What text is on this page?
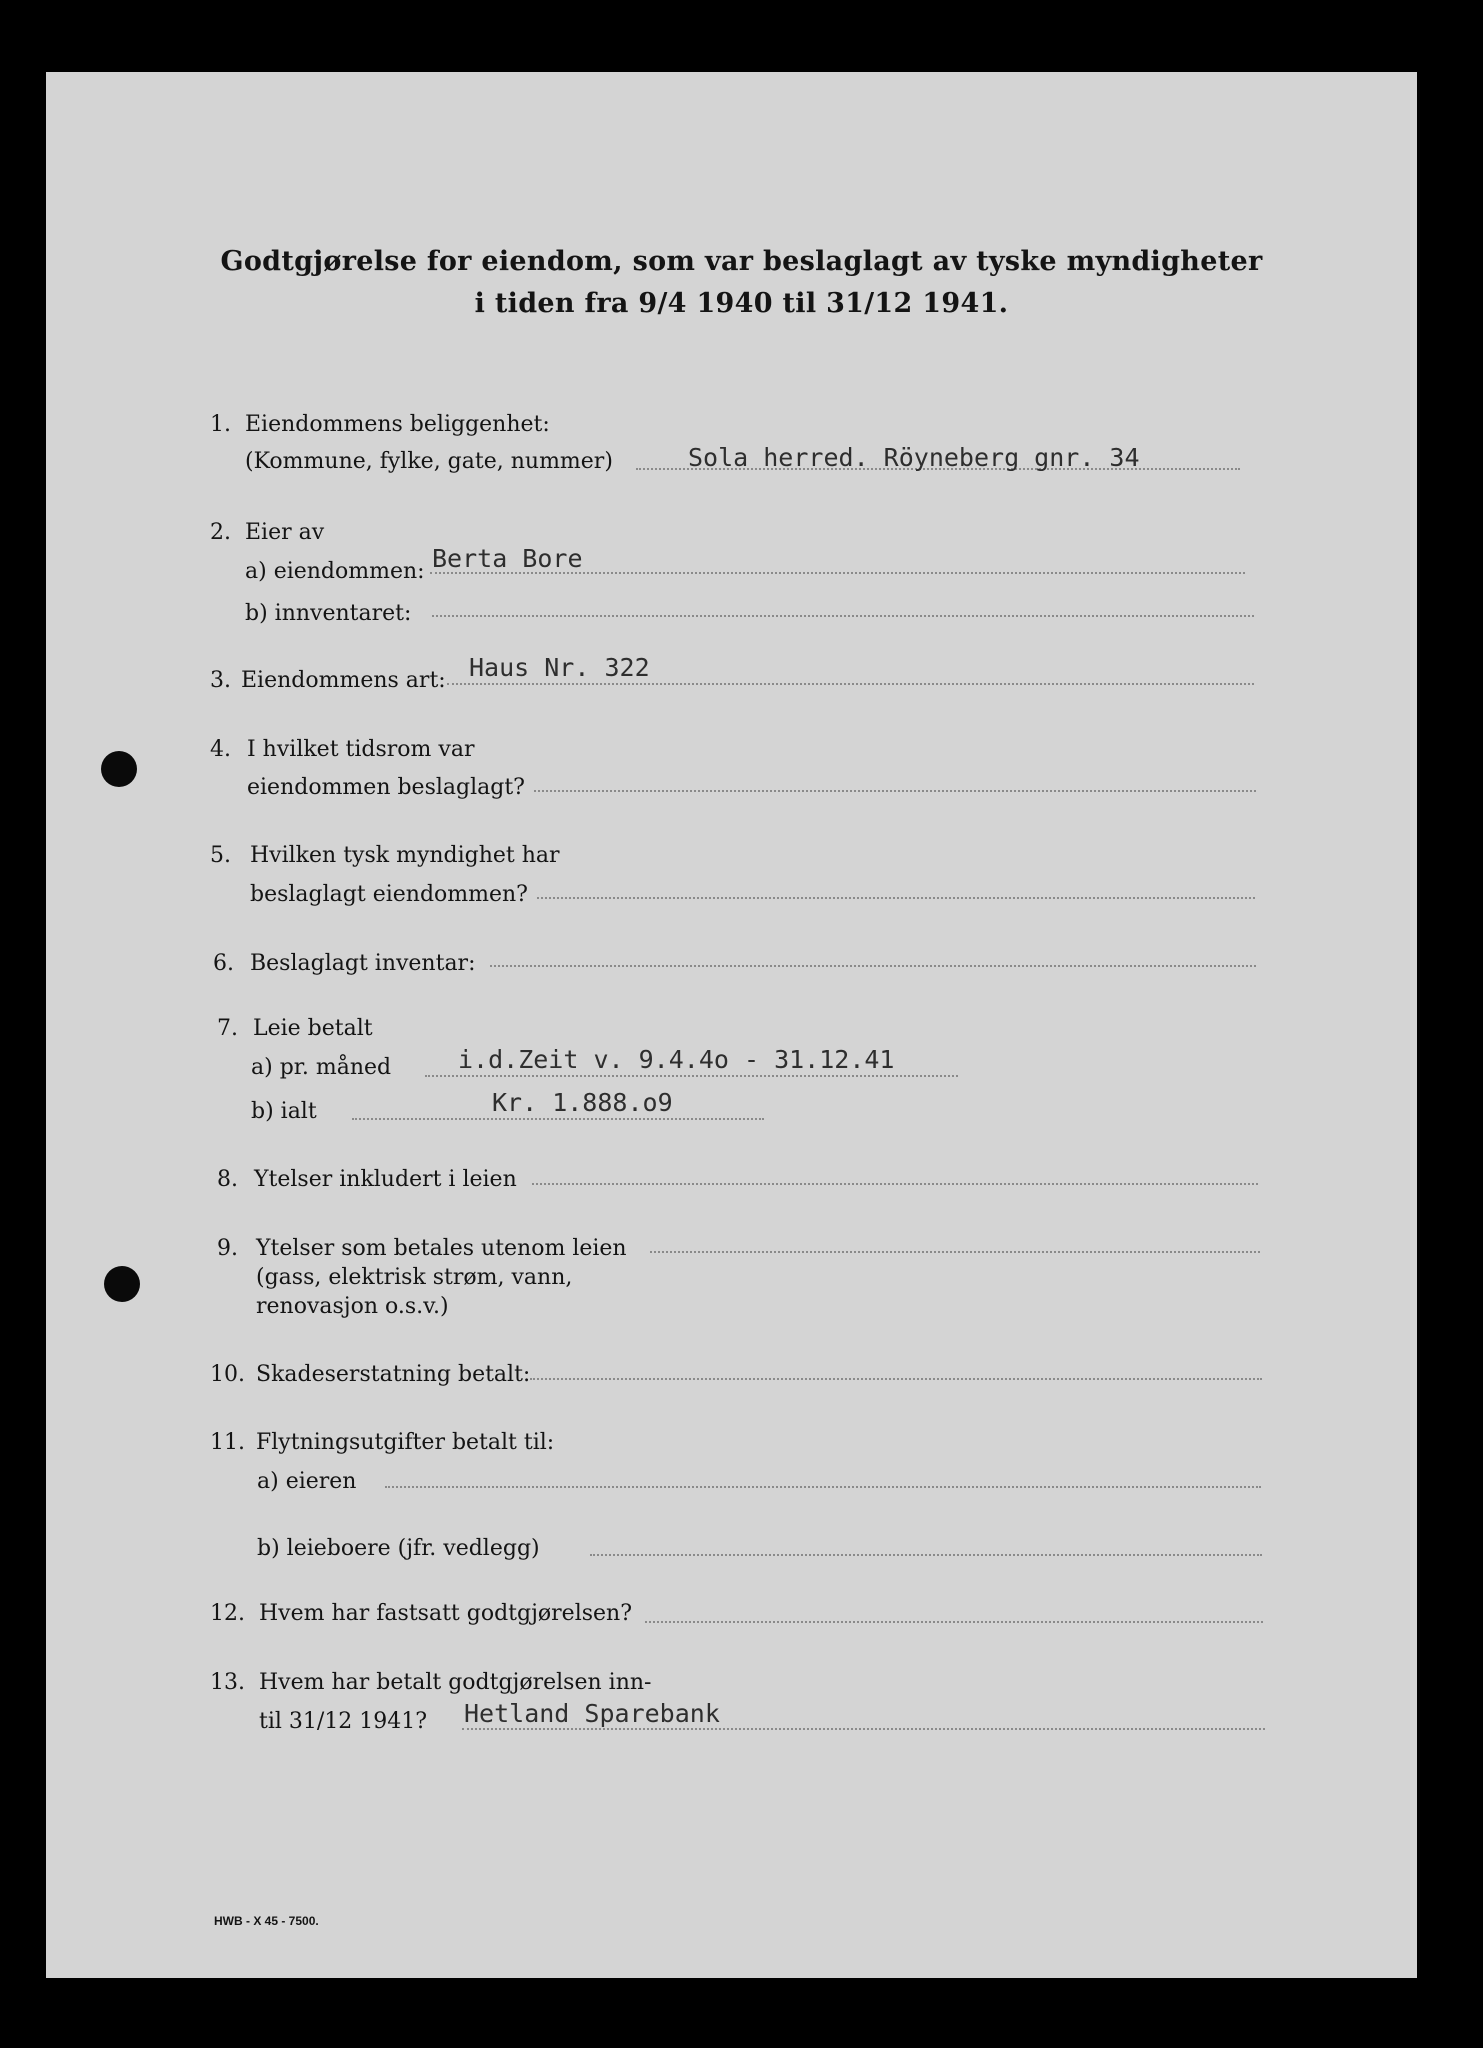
Godtgjørelse for eiendom, som var beslaglagt av tyske myndigheter
i tiden fra 9/4 1940 til 31/12 1941.
1. Eiendommens beliggenhet:
(Kommune, fylke, gate, nummer)	Sola herred. Röyneberg gnr. 34
2. Eier av
a) eiendommen: Berta Bore
b) innventaret:
3. Eiendommens art: Haus Nr. 322
4. I hvilket tidsrom var
eiendommen beslaglagt?
5. Hvilken tysk myndighet har
beslaglagt eiendommen?
6. Beslaglagt inventar:
7. Leie betalt
a) pr. måned	i.d.Zeit v. 9.4.4o - 31.12.41
b) ialt	Kr. 1.888.o9
8. Ytelser inkludert i leien
9. Ytelser som betales utenom leien
(gass, elektrisk strøm, vann,
renovasjon o.s.v.)
10. Skadeserstatning betalt:
11. Flytningsutgifter betalt til:
a) eieren
b) leieboere (jfr. vedlegg)
12. Hvem har fastsatt godtgjørelsen?
13. Hvem har betalt godtgjørelsen inn-
til 31/12 1941? Hetland Sparebank
HWB - X 45 - 7500.
